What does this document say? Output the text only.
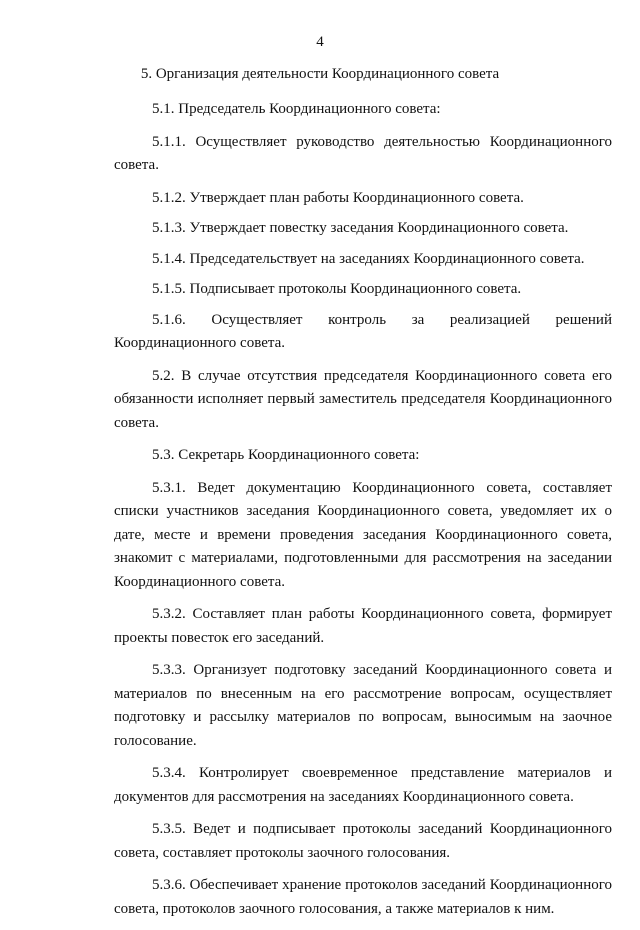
4
5. Организация деятельности Координационного совета

5.1. Председатель Координационного совета:

5.1.1. Осуществляет руководство деятельностью Координационного совета.

5.1.2. Утверждает план работы Координационного совета.

5.1.3. Утверждает повестку заседания Координационного совета.

5.1.4. Председательствует на заседаниях Координационного совета.

5.1.5. Подписывает протоколы Координационного совета.

5.1.6. Осуществляет контроль за реализацией решений Координационного совета.

5.2. В случае отсутствия председателя Координационного совета его обязанности исполняет первый заместитель председателя Координационного совета.

5.3. Секретарь Координационного совета:

5.3.1. Ведет документацию Координационного совета, составляет списки участников заседания Координационного совета, уведомляет их о дате, месте и времени проведения заседания Координационного совета, знакомит с материалами, подготовленными для рассмотрения на заседании Координационного совета.

5.3.2. Составляет план работы Координационного совета, формирует проекты повесток его заседаний.

5.3.3. Организует подготовку заседаний Координационного совета и материалов по внесенным на его рассмотрение вопросам, осуществляет подготовку и рассылку материалов по вопросам, выносимым на заочное голосование.

5.3.4. Контролирует своевременное представление материалов и документов для рассмотрения на заседаниях Координационного совета.

5.3.5. Ведет и подписывает протоколы заседаний Координационного совета, составляет протоколы заочного голосования.

5.3.6. Обеспечивает хранение протоколов заседаний Координационного совета, протоколов заочного голосования, а также материалов к ним.
